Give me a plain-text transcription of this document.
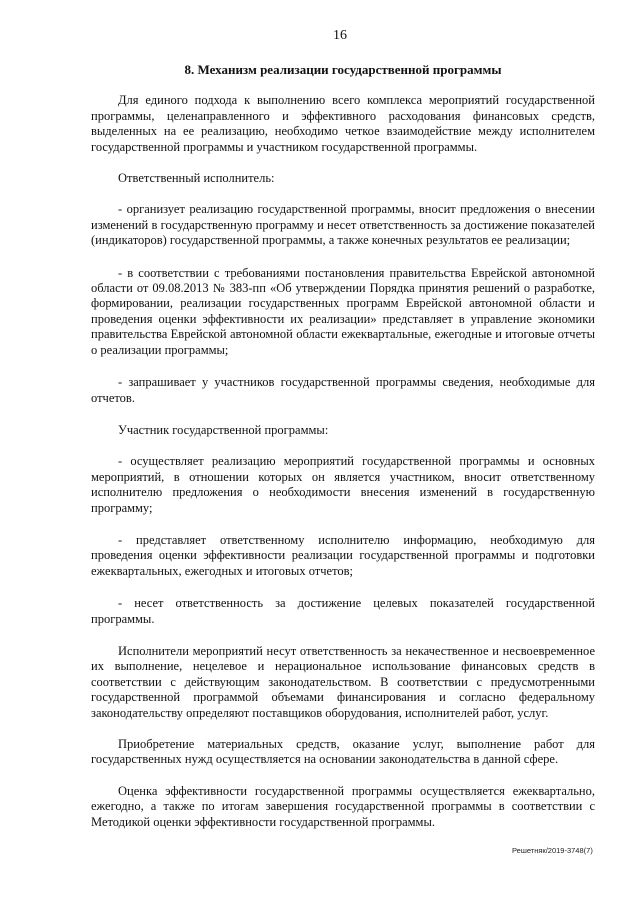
16
8. Механизм реализации государственной программы

Для единого подхода к выполнению всего комплекса мероприятий государственной программы, целенаправленного и эффективного расходования финансовых средств, выделенных на ее реализацию, необходимо четкое взаимодействие между исполнителем государственной программы и участником государственной программы.

Ответственный исполнитель:

- организует реализацию государственной программы, вносит предложения о внесении изменений в государственную программу и несет ответственность за достижение показателей (индикаторов) государственной программы, а также конечных результатов ее реализации;

- в соответствии с требованиями постановления правительства Еврейской автономной области от 09.08.2013 № 383-пп «Об утверждении Порядка принятия решений о разработке, формировании, реализации государственных программ Еврейской автономной области и проведения оценки эффективности их реализации» представляет в управление экономики правительства Еврейской автономной области ежеквартальные, ежегодные и итоговые отчеты о реализации программы;

- запрашивает у участников государственной программы сведения, необходимые для отчетов.

Участник государственной программы:

- осуществляет реализацию мероприятий государственной программы и основных мероприятий, в отношении которых он является участником, вносит ответственному исполнителю предложения о необходимости внесения изменений в государственную программу;

- представляет ответственному исполнителю информацию, необходимую для проведения оценки эффективности реализации государственной программы и подготовки ежеквартальных, ежегодных и итоговых отчетов;

- несет ответственность за достижение целевых показателей государственной программы.

Исполнители мероприятий несут ответственность за некачественное и несвоевременное их выполнение, нецелевое и нерациональное использование финансовых средств в соответствии с действующим законодательством. В соответствии с предусмотренными государственной программой объемами финансирования и согласно федеральному законодательству определяют поставщиков оборудования, исполнителей работ, услуг.

Приобретение материальных средств, оказание услуг, выполнение работ для государственных нужд осуществляется на основании законодательства в данной сфере.

Оценка эффективности государственной программы осуществляется ежеквартально, ежегодно, а также по итогам завершения государственной программы в соответствии с Методикой оценки эффективности государственной программы.

Решетняк/2019-3748(7)
